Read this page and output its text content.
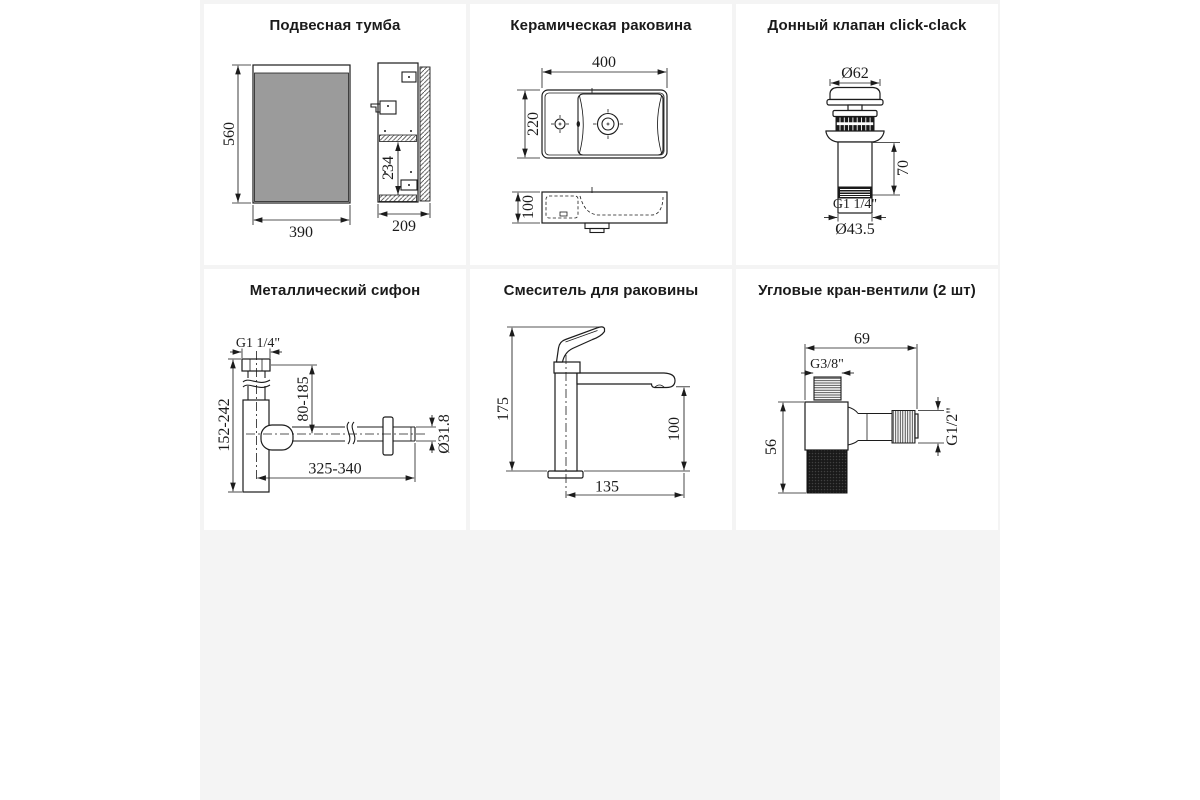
Подвесная тумба
560
390
234
209
Керамическая раковина
400
220
100
Донный клапан click-clack
G1 1/4"
Ø62
70
Ø43.5
Металлический сифон
G1 1/4"
80-185
152-242
325-340
Ø31.8
Смеситель для раковины
175
100
135
Угловые кран-вентили (2 шт)
69
G3/8"
56
G1/2"
